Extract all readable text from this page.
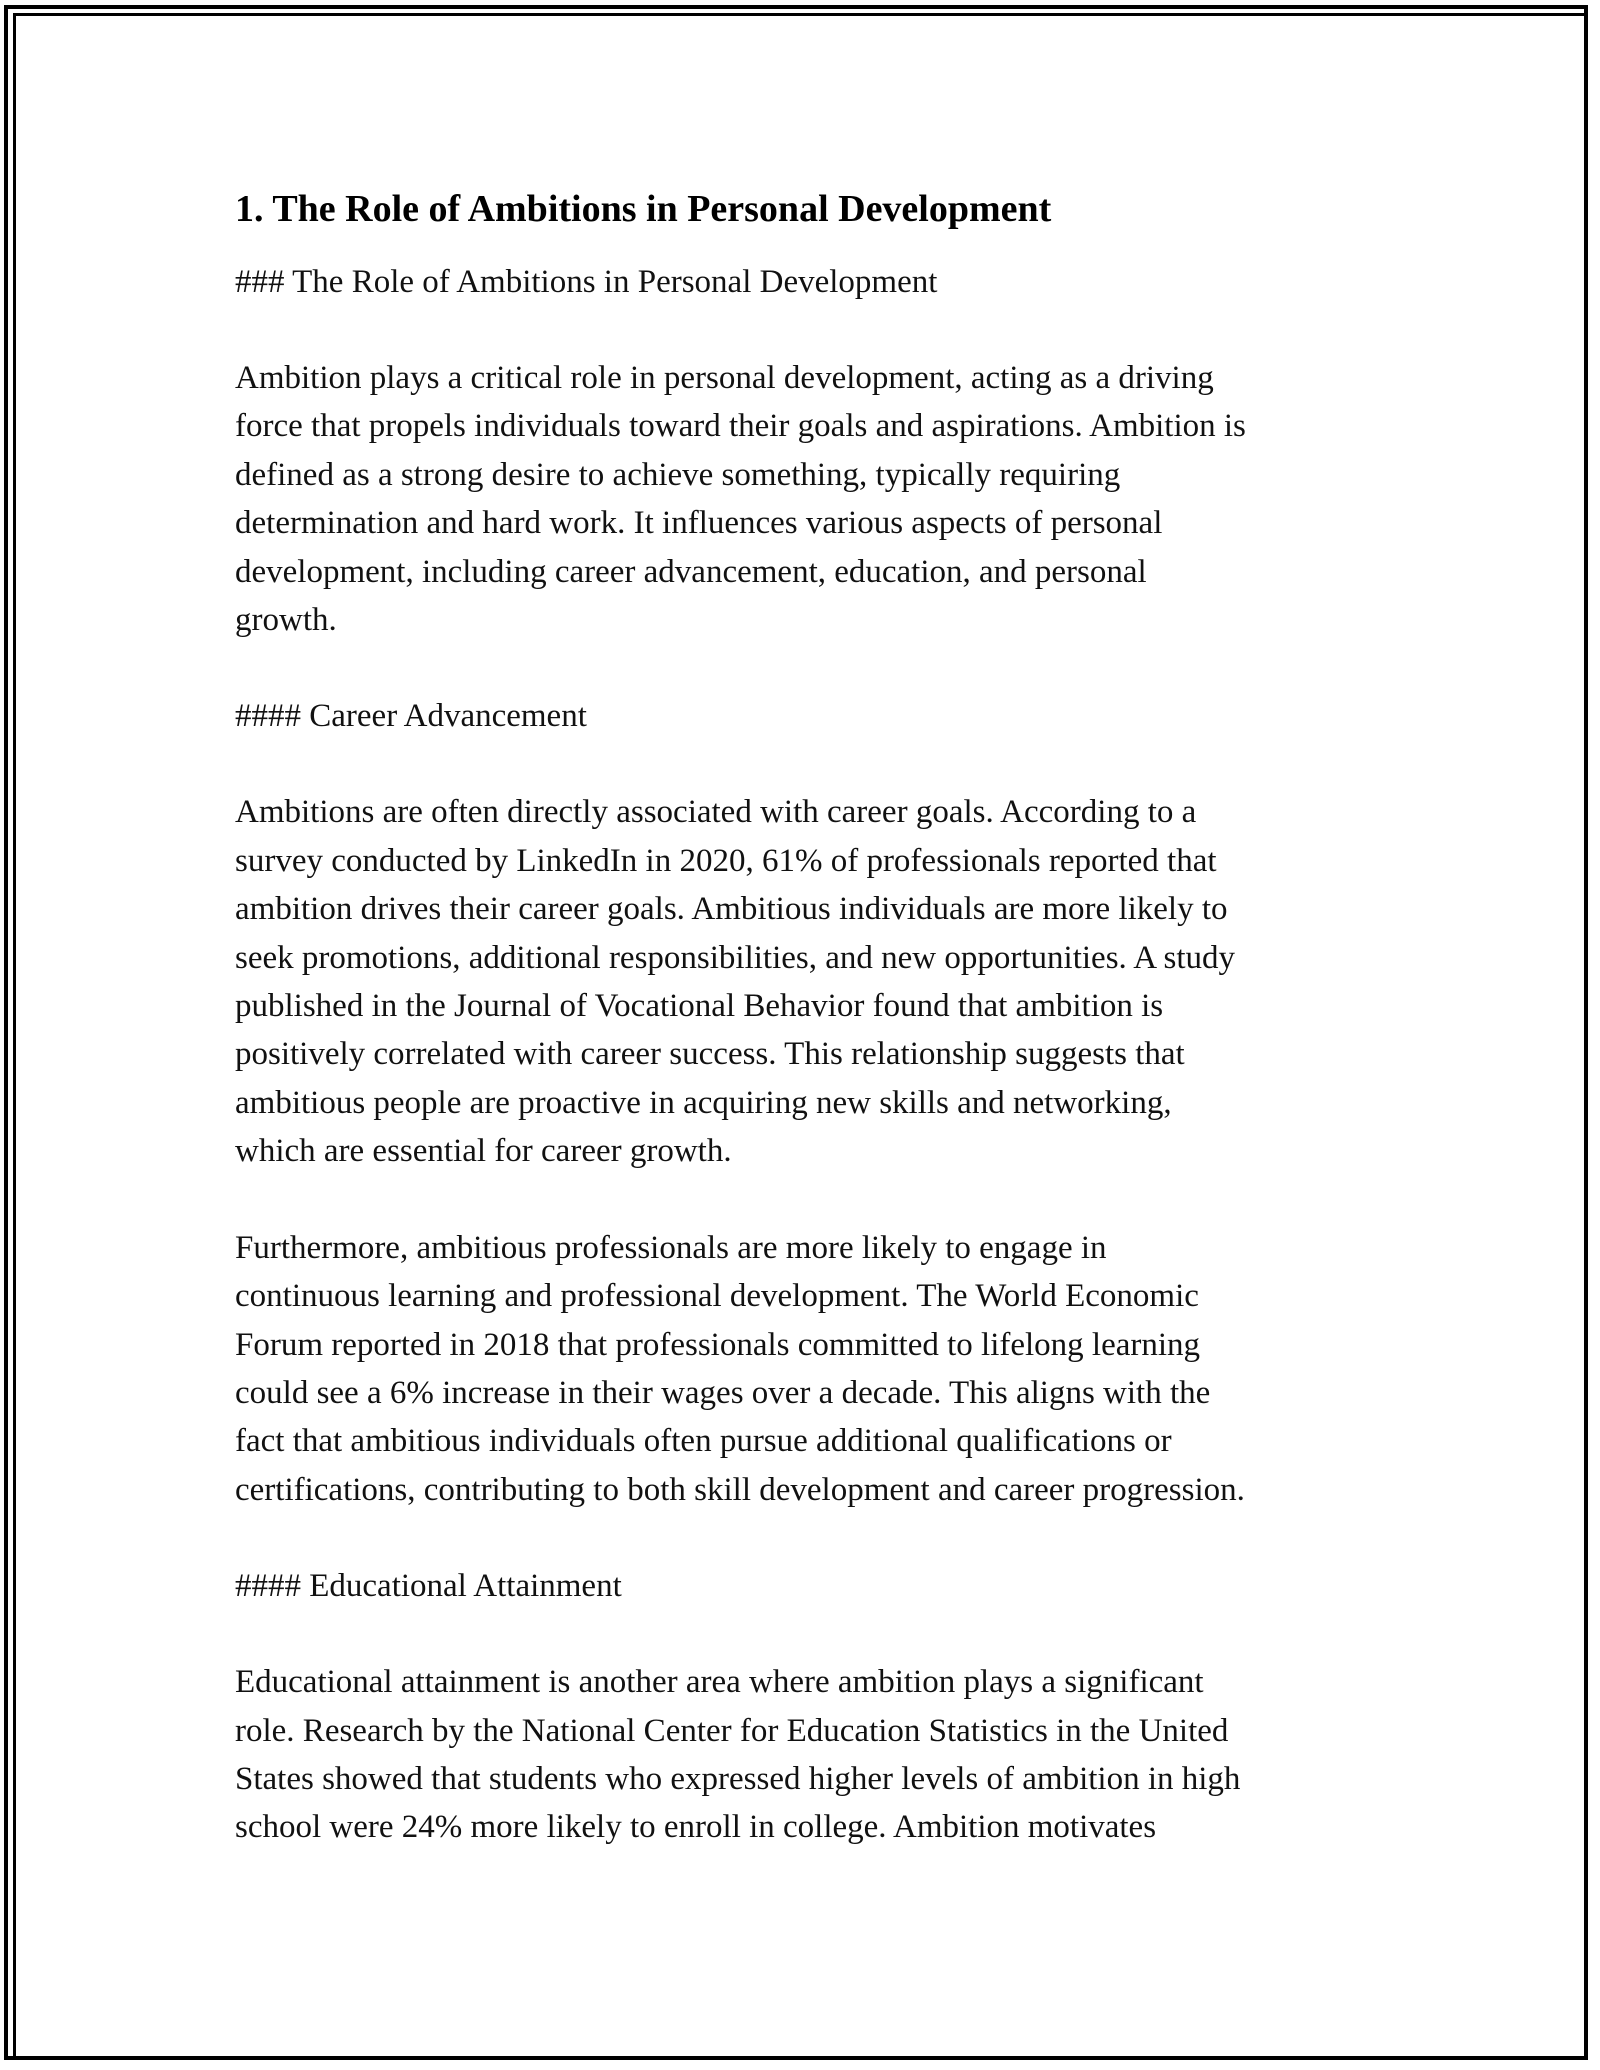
1. The Role of Ambitions in Personal Development
### The Role of Ambitions in Personal Development
Ambition plays a critical role in personal development, acting as a driving
force that propels individuals toward their goals and aspirations. Ambition is
defined as a strong desire to achieve something, typically requiring
determination and hard work. It influences various aspects of personal
development, including career advancement, education, and personal
growth.
#### Career Advancement
Ambitions are often directly associated with career goals. According to a
survey conducted by LinkedIn in 2020, 61% of professionals reported that
ambition drives their career goals. Ambitious individuals are more likely to
seek promotions, additional responsibilities, and new opportunities. A study
published in the Journal of Vocational Behavior found that ambition is
positively correlated with career success. This relationship suggests that
ambitious people are proactive in acquiring new skills and networking,
which are essential for career growth.
Furthermore, ambitious professionals are more likely to engage in
continuous learning and professional development. The World Economic
Forum reported in 2018 that professionals committed to lifelong learning
could see a 6% increase in their wages over a decade. This aligns with the
fact that ambitious individuals often pursue additional qualifications or
certifications, contributing to both skill development and career progression.
#### Educational Attainment
Educational attainment is another area where ambition plays a significant
role. Research by the National Center for Education Statistics in the United
States showed that students who expressed higher levels of ambition in high
school were 24% more likely to enroll in college. Ambition motivates
